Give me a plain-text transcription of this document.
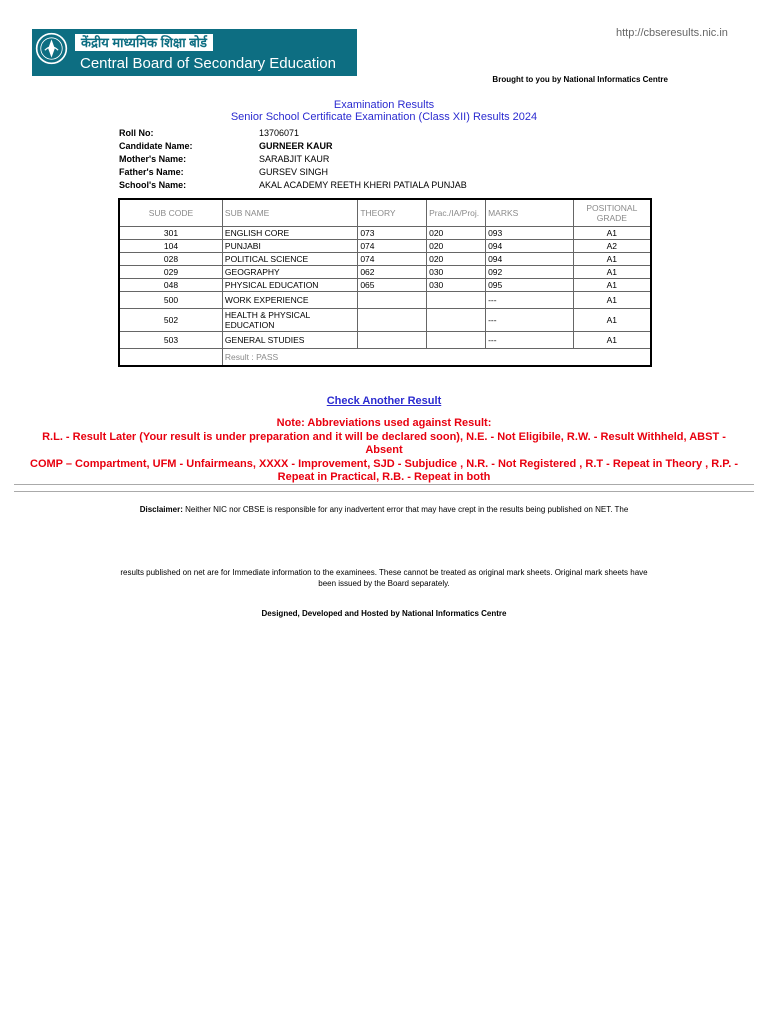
http://cbseresults.nic.in
केंद्रीय माध्यमिक शिक्षा बोर्ड
Central Board of Secondary Education
Brought to you by National Informatics Centre
Examination Results
Senior School Certificate Examination (Class XII) Results 2024
Roll No:	13706071
Candidate Name:	GURNEER KAUR
Mother's Name:	SARABJIT KAUR
Father's Name:	GURSEV SINGH
School's Name:	AKAL ACADEMY REETH KHERI PATIALA PUNJAB
SUB CODE	SUB NAME	THEORY	Prac./IA/Proj.	MARKS	POSITIONAL GRADE
301	ENGLISH CORE	073	020	093	A1
104	PUNJABI	074	020	094	A2
028	POLITICAL SCIENCE	074	020	094	A1
029	GEOGRAPHY	062	030	092	A1
048	PHYSICAL EDUCATION	065	030	095	A1
500	WORK EXPERIENCE			---	A1
502	HEALTH & PHYSICAL EDUCATION			---	A1
503	GENERAL STUDIES			---	A1
	Result : PASS				
Check Another Result
Note: Abbreviations used against Result:
R.L. - Result Later (Your result is under preparation and it will be declared soon), N.E. - Not Eligibile, R.W. - Result Withheld, ABST - Absent
COMP – Compartment, UFM - Unfairmeans, XXXX - Improvement, SJD - Subjudice , N.R. - Not Registered , R.T - Repeat in Theory , R.P. - Repeat in Practical, R.B. - Repeat in both
Disclaimer: Neither NIC nor CBSE is responsible for any inadvertent error that may have crept in the results being published on NET. The
results published on net are for Immediate information to the examinees. These cannot be treated as original mark sheets. Original mark sheets have been issued by the Board separately.
Designed, Developed and Hosted by National Informatics Centre
